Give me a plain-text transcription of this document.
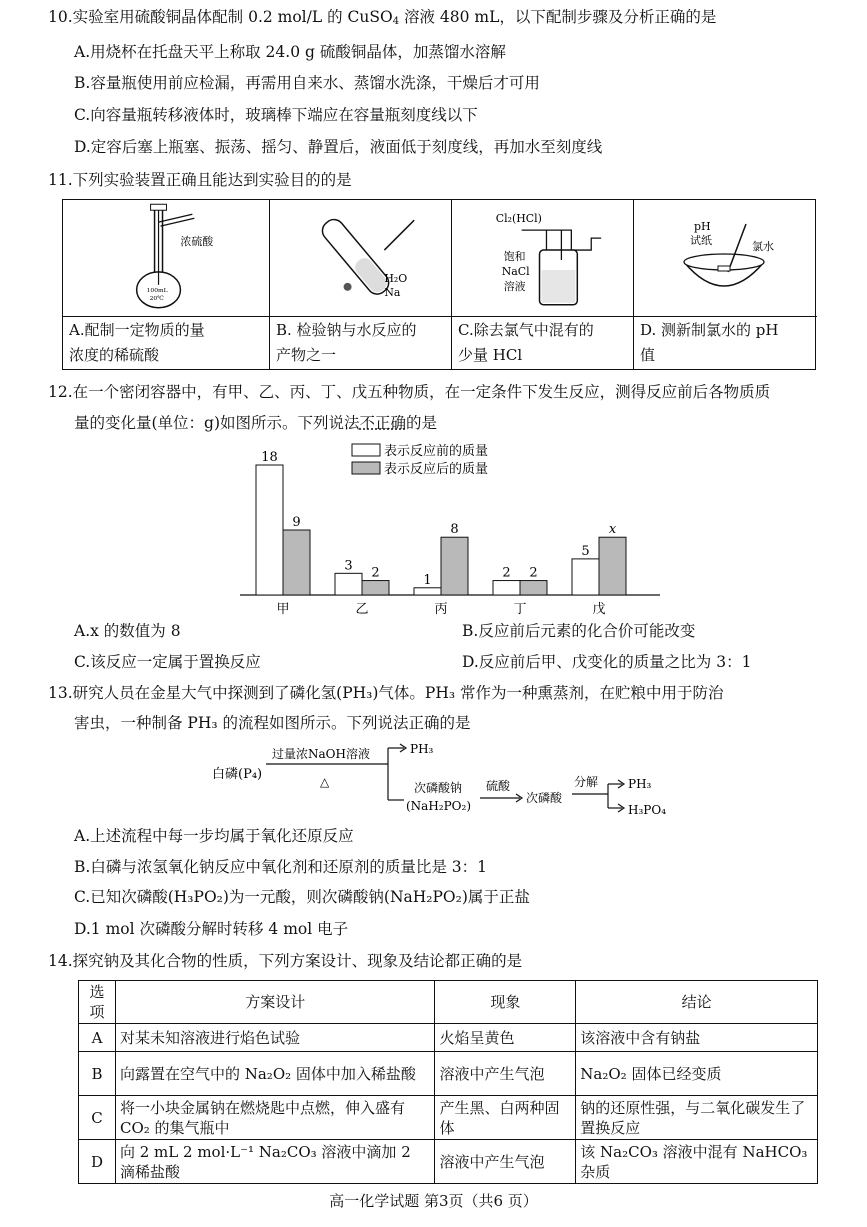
10.实验室用硫酸铜晶体配制 0.2 mol/L 的 CuSO$_4$ 溶液 480 mL，以下配制步骤及分析正确的是
A.用烧杯在托盘天平上称取 24.0 g 硫酸铜晶体，加蒸馏水溶解
B.容量瓶使用前应检漏，再需用自来水、蒸馏水洗涤，干燥后才可用
C.向容量瓶转移液体时，玻璃棒下端应在容量瓶刻度线以下
D.定容后塞上瓶塞、振荡、摇匀、静置后，液面低于刻度线，再加水至刻度线
11.下列实验装置正确且能达到实验目的的是
浓硫酸
100mL
20℃
A.配制一定物质的量
浓度的稀硫酸
H₂O
Na
B. 检验钠与水反应的
产物之一
Cl₂(HCl)
饱和
NaCl
溶液
C.除去氯气中混有的
少量 HCl
pH
试纸	氯水
D. 测新制氯水的 pH
值
12.在一个密闭容器中，有甲、乙、丙、丁、戊五种物质，在一定条件下发生反应，测得反应前后各物质质
量的变化量(单位：g)如图所示。下列说法不正确的是
表示反应前的质量
表示反应后的质量
18
9
甲
3 2
乙
1
8
丙
2 2
丁
5
x
戊
A.x 的数值为 8	B.反应前后元素的化合价可能改变
C.该反应一定属于置换反应	D.反应前后甲、戊变化的质量之比为 3：1
13.研究人员在金星大气中探测到了磷化氢(PH₃)气体。PH₃ 常作为一种熏蒸剂，在贮粮中用于防治
害虫，一种制备 PH₃ 的流程如图所示。下列说法正确的是
白磷(P₄)
过量浓NaOH溶液
△
PH₃
次磷酸钠
(NaH₂PO₂)
硫酸
次磷酸
分解 PH₃
H₃PO₄
A.上述流程中每一步均属于氧化还原反应
B.白磷与浓氢氧化钠反应中氧化剂和还原剂的质量比是 3：1
C.已知次磷酸(H₃PO₂)为一元酸，则次磷酸钠(NaH₂PO₂)属于正盐
D.1 mol 次磷酸分解时转移 4 mol 电子
14.探究钠及其化合物的性质，下列方案设计、现象及结论都正确的是
选项	方案设计	现象	结论
A	对某未知溶液进行焰色试验	火焰呈黄色	该溶液中含有钠盐
B	向露置在空气中的 Na₂O₂ 固体中加入稀盐酸	溶液中产生气泡	Na₂O₂ 固体已经变质
C	将一小块金属钠在燃烧匙中点燃，伸入盛有 CO₂ 的集气瓶中	产生黑、白两种固体	钠的还原性强，与二氧化碳发生了置换反应
D	向 2 mL 2 mol·L⁻¹ Na₂CO₃ 溶液中滴加 2 滴稀盐酸	溶液中产生气泡	该 Na₂CO₃ 溶液中混有 NaHCO₃ 杂质
高一化学试题 第3页（共6 页）
